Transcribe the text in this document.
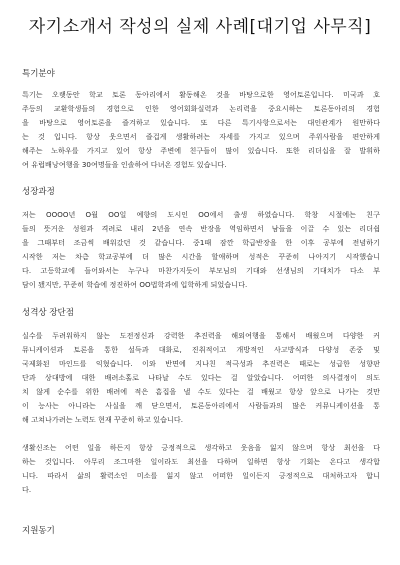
자기소개서 작성의 실제 사례[대기업 사무직]
특기분야
특기는 오랫동안 학교 토론 동아리에서 활동해온 것을 바탕으로한 영어토론입니다. 미국과 호
주등의 교환학생들의 경험으로 인한 영어회화실력과 논리력을 중요시하는 토론동아리의 경험
을 바탕으로 영어토론을 즐겨하고 있습니다. 또 다른 특기사항으로서는 대인관계가 원만하다
는 것 입니다. 항상 웃으면서 즐겁게 생활하려는 자세를 가지고 있으며 주위사람을 편안하게
해주는 노하우를 가지고 있어 항상 주변에 친구들이 많이 있습니다. 또한 리더십을 잘 발휘하
여 유럽배낭여행을 30여명들을 인솔하여 다녀온 경험도 있습니다.
성장과정
저는 OOOO년 O월 OO일 예향의 도시인 OO에서 출생 하였습니다. 학창 시절에는 친구
들의 뜻거운 성원과 격려로 내리 2년을 연속 반장을 역임하면서 남들을 이끌 수 있는 리더쉽
을 그때부터 조금씩 배워갔던 것 같습니다. 중1때 잠깐 학급반장을 한 이후 공부에 전념하기
시작한 저는 차츰 학교공부에 더 많은 시간을 할애하며 성적은 꾸준히 나아지기 시작했습니
다. 고등학교에 들어와서는 누구나 마찬가지듯이 부모님의 기대와 선생님의 기대치가 다소 부
담이 됐지만, 꾸준히 학습에 정진하여 OO법학과에 입학하게 되었습니다.
성격상 장단점
실수를 두려워하지 않는 도전정신과 강력한 추진력을 해외여행을 통해서 배웠으며 다양한 커
뮤니케이션과 토론을 통한 설득과 대화로, 진취적이고 개방적인 사고방식과 다양성 존중 및
국제화된 마인드를 익혔습니다. 이와 반면에 지나친 적극성과 추진력은 때로는 성급한 성향판
단과 상대방에 대한 배려소홀로 나타날 수도 있다는 걸 알았습니다. 어떠한 의사결정이 의도
치 않게 순수를 위한 배려에 적은 흠집을 낼 수도 있다는 걸 배웠고 항상 앞으로 나가는 것만
이 능사는 아니라는 사실을 깨 닫으면서, 토론동아리에서 사람들과의 많은 커뮤니케이션을 통
해 고쳐나가려는 노력도 현재 꾸준히 하고 있습니다.

생활신조는 어떤 일을 하든지 항상 긍정적으로 생각하고 웃음을 잃지 않으며 항상 최선을 다
하는 것입니다. 아무리 조그마한 일이라도 최선을 다하며 일하면 항상 기회는 온다고 생각합
니다. 따라서 삶의 활력소인 미소를 잃지 않고 어떠한 일이든지 긍정적으로 대처하고자 합니
다.
지원동기
